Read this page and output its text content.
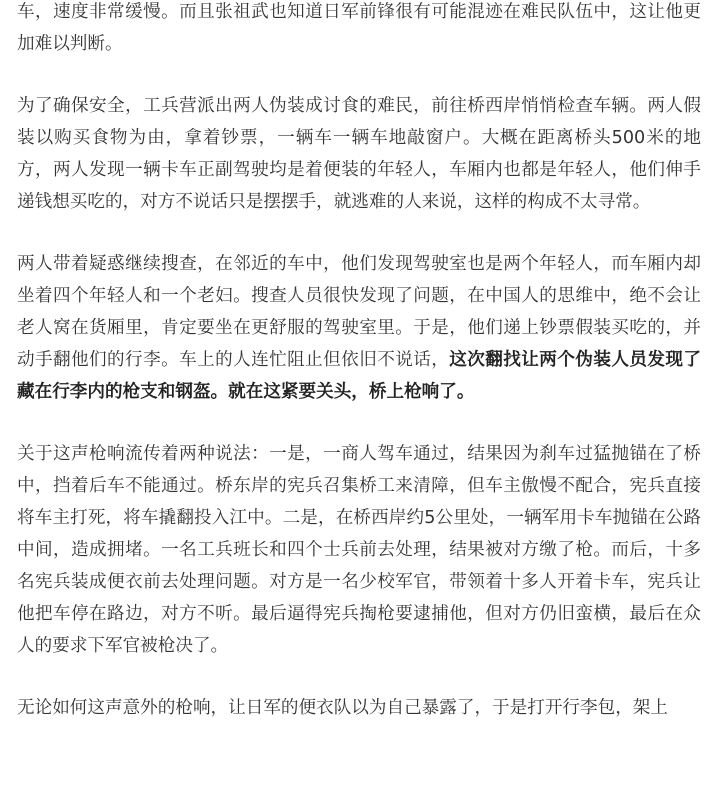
车，速度非常缓慢。而且张祖武也知道日军前锋很有可能混迹在难民队伍中，这让他更加难以判断。

为了确保安全，工兵营派出两人伪装成讨食的难民，前往桥西岸悄悄检查车辆。两人假装以购买食物为由，拿着钞票，一辆车一辆车地敲窗户。大概在距离桥头500米的地方，两人发现一辆卡车正副驾驶均是着便装的年轻人，车厢内也都是年轻人，他们伸手递钱想买吃的，对方不说话只是摆摆手，就逃难的人来说，这样的构成不太寻常。

两人带着疑惑继续搜查，在邻近的车中，他们发现驾驶室也是两个年轻人，而车厢内却坐着四个年轻人和一个老妇。搜查人员很快发现了问题，在中国人的思维中，绝不会让老人窝在货厢里，肯定要坐在更舒服的驾驶室里。于是，他们递上钞票假装买吃的，并动手翻他们的行李。车上的人连忙阻止但依旧不说话，这次翻找让两个伪装人员发现了藏在行李内的枪支和钢盔。就在这紧要关头，桥上枪响了。

关于这声枪响流传着两种说法：一是，一商人驾车通过，结果因为刹车过猛抛锚在了桥中，挡着后车不能通过。桥东岸的宪兵召集桥工来清障，但车主傲慢不配合，宪兵直接将车主打死，将车撬翻投入江中。二是，在桥西岸约5公里处，一辆军用卡车抛锚在公路中间，造成拥堵。一名工兵班长和四个士兵前去处理，结果被对方缴了枪。而后，十多名宪兵装成便衣前去处理问题。对方是一名少校军官，带领着十多人开着卡车，宪兵让他把车停在路边，对方不听。最后逼得宪兵掏枪要逮捕他，但对方仍旧蛮横，最后在众人的要求下军官被枪决了。

无论如何这声意外的枪响，让日军的便衣队以为自己暴露了，于是打开行李包，架上
